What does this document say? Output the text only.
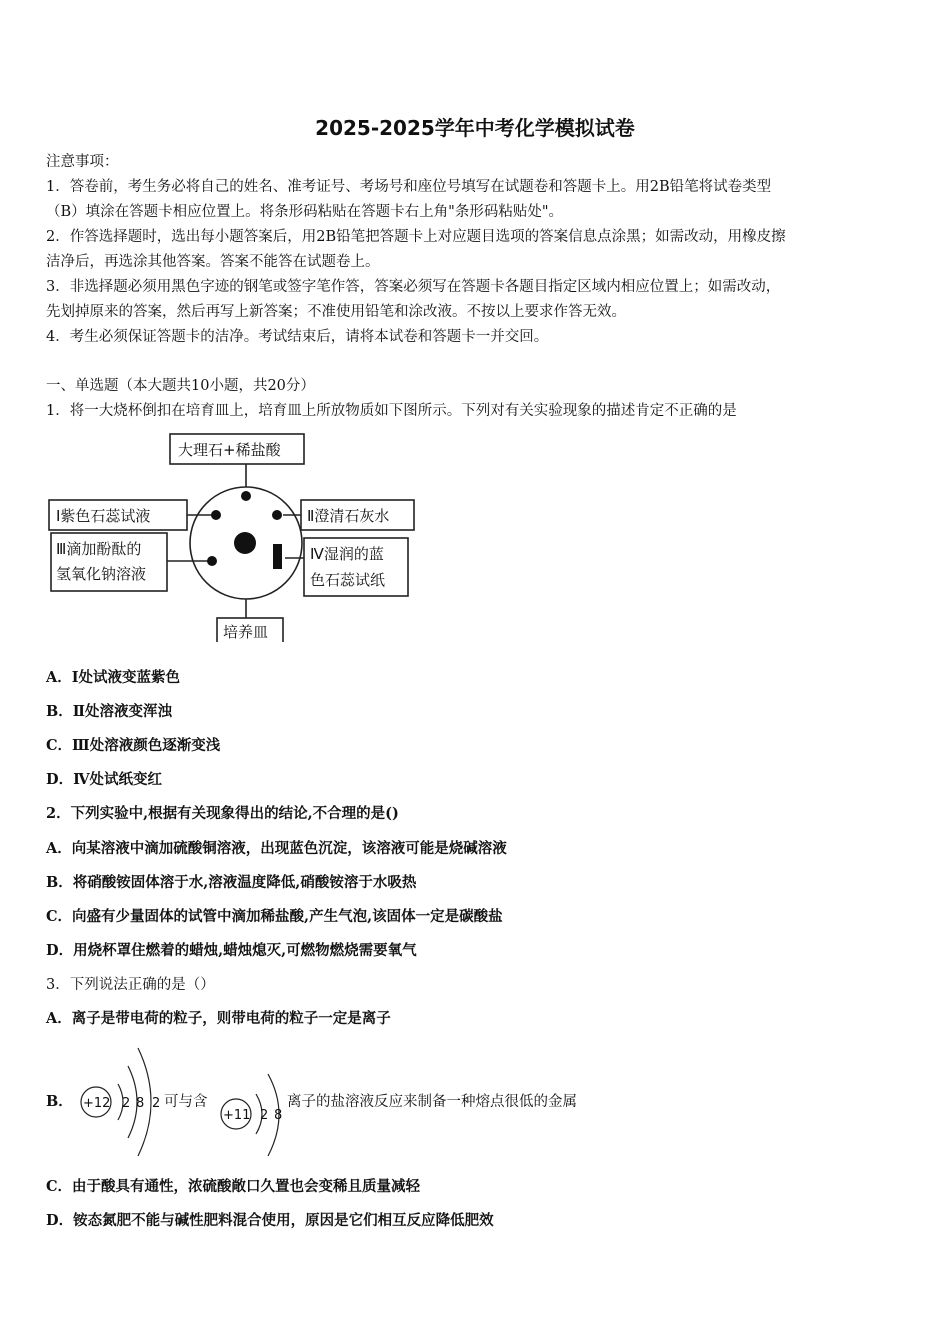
2025-2025学年中考化学模拟试卷
注意事项：
1．答卷前，考生务必将自己的姓名、准考证号、考场号和座位号填写在试题卷和答题卡上。用2B铅笔将试卷类型
（B）填涂在答题卡相应位置上。将条形码粘贴在答题卡右上角"条形码粘贴处"。
2．作答选择题时，选出每小题答案后，用2B铅笔把答题卡上对应题目选项的答案信息点涂黑；如需改动，用橡皮擦
洁净后，再选涂其他答案。答案不能答在试题卷上。
3．非选择题必须用黑色字迹的钢笔或签字笔作答，答案必须写在答题卡各题目指定区域内相应位置上；如需改动，
先划掉原来的答案，然后再写上新答案；不准使用铅笔和涂改液。不按以上要求作答无效。
4．考生必须保证答题卡的洁净。考试结束后，请将本试卷和答题卡一并交回。
一、单选题（本大题共10小题，共20分）
1．将一大烧杯倒扣在培育皿上，培育皿上所放物质如下图所示。下列对有关实验现象的描述肯定不正确的是
大理石+稀盐酸
Ⅰ紫色石蕊试液	Ⅱ澄清石灰水
Ⅲ滴加酚酞的
氢氧化钠溶液
Ⅳ湿润的蓝
色石蕊试纸
培养皿
A．Ⅰ处试液变蓝紫色
B．Ⅱ处溶液变浑浊
C．Ⅲ处溶液颜色逐渐变浅
D．Ⅳ处试纸变红
2．下列实验中,根据有关现象得出的结论,不合理的是()
A．向某溶液中滴加硫酸铜溶液，出现蓝色沉淀，该溶液可能是烧碱溶液
B．将硝酸铵固体溶于水,溶液温度降低,硝酸铵溶于水吸热
C．向盛有少量固体的试管中滴加稀盐酸,产生气泡,该固体一定是碳酸盐
D．用烧杯罩住燃着的蜡烛,蜡烛熄灭,可燃物燃烧需要氧气
3．下列说法正确的是（）
A．离子是带电荷的粒子，则带电荷的粒子一定是离子
B． +12 2 8 2 可与含
+11 2 8
离子的盐溶液反应来制备一种熔点很低的金属
C．由于酸具有通性，浓硫酸敞口久置也会变稀且质量减轻
D．铵态氮肥不能与碱性肥料混合使用，原因是它们相互反应降低肥效
